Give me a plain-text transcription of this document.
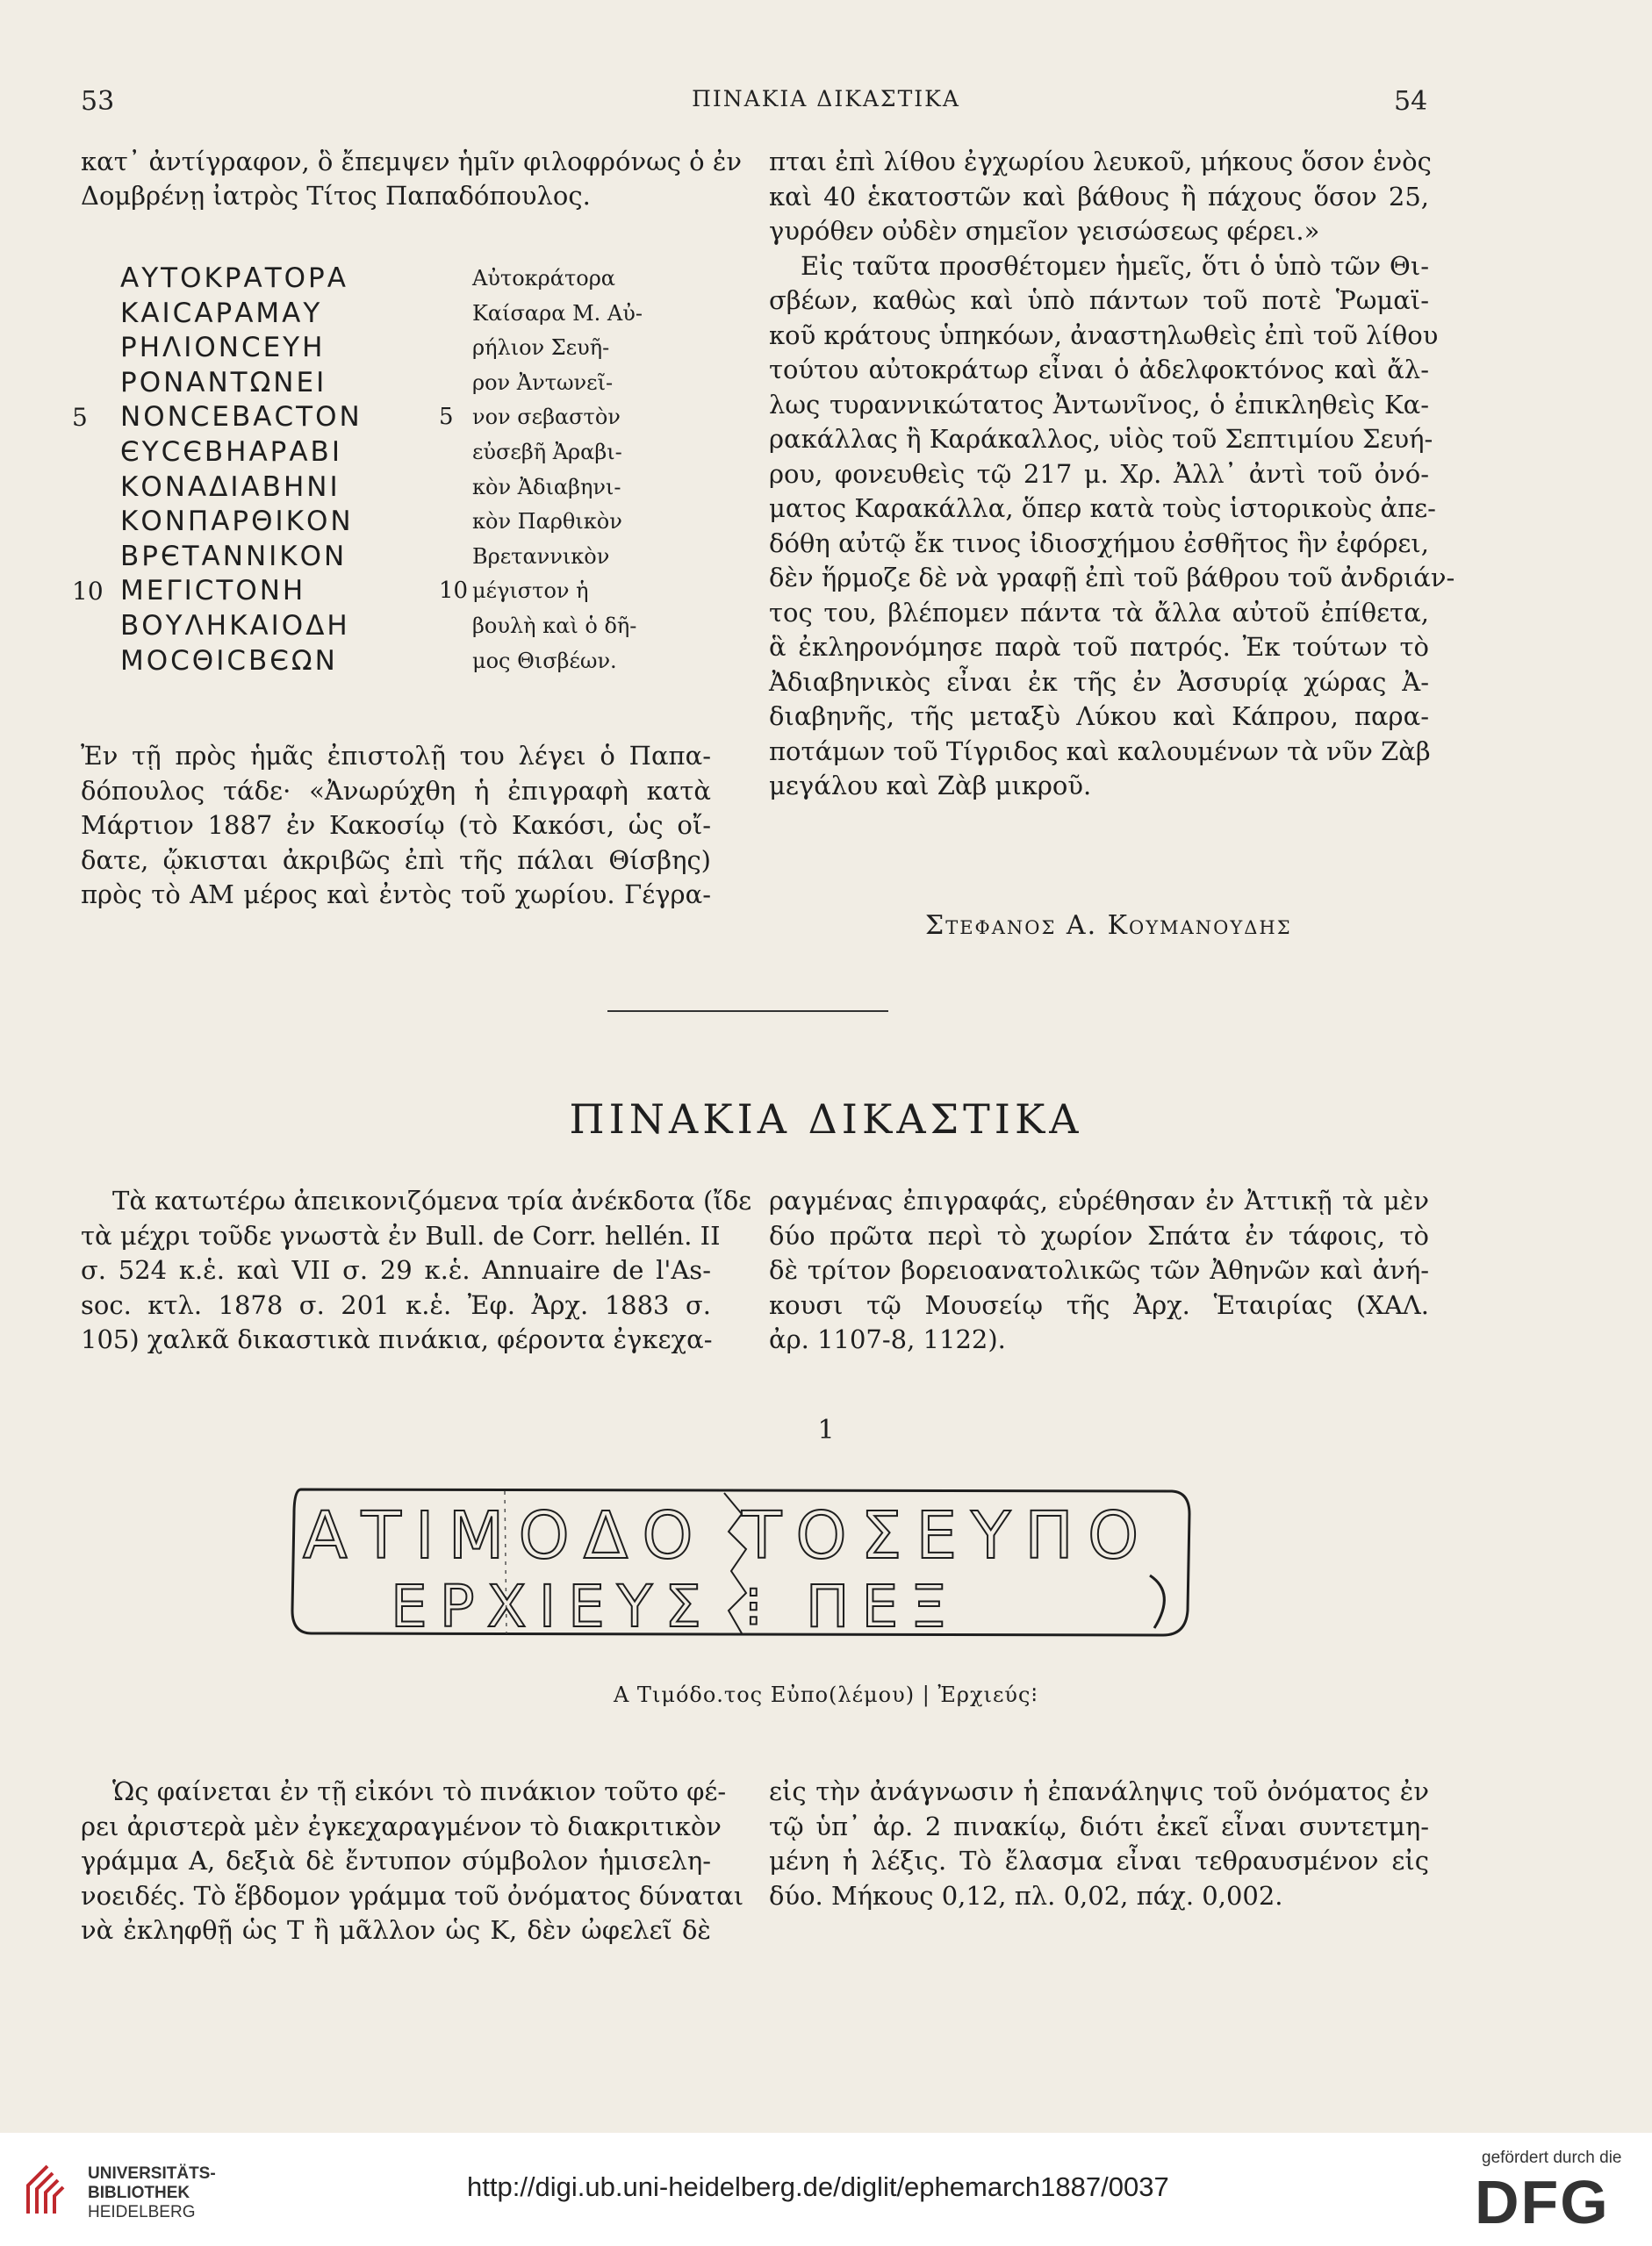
53	ΠΙΝΑΚΙΑ ΔΙΚΑΣΤΙΚΑ	54
κατ᾽ ἀντίγραφον, ὃ ἔπεμψεν ἡμῖν φιλοφρόνως ὁ ἐν
Δομβρένῃ ἰατρὸς Τίτος Παπαδόπουλος.
ΑΥΤΟΚΡΑΤΟΡΑ	Αὐτοκράτορα
ΚΑΙϹΑΡΑΜΑΥ	Καίσαρα Μ. Αὐ-
ΡΗΛΙΟΝϹΕΥΗ	ρήλιον Σευῆ-
ΡΟΝΑΝΤΩΝΕΙ	ρον Ἀντωνεῖ-
5 ΝΟΝϹΕΒΑϹΤΟΝ	5 νον σεβαστὸν
ЄΥϹЄΒΗΑΡΑΒΙ	εὐσεβῆ Ἀραβι-
ΚΟΝΑΔΙΑΒΗΝΙ	κὸν Ἀδιαβηνι-
ΚΟΝΠΑΡΘΙΚΟΝ	κὸν Παρθικὸν
ΒΡЄΤΑΝΝΙΚΟΝ	Βρεταννικὸν
10 ΜΕΓΙϹΤΟΝΗ	10 μέγιστον ἡ
ΒΟΥΛΗΚΑΙΟΔΗ	βουλὴ καὶ ὁ δῆ-
ΜΟϹΘΙϹΒЄΩΝ	μος Θισβέων.
Ἐν τῇ πρὸς ἡμᾶς ἐπιστολῇ του λέγει ὁ Παπα-
δόπουλος τάδε· «Ἀνωρύχθη ἡ ἐπιγραφὴ κατὰ
Μάρτιον 1887 ἐν Κακοσίῳ (τὸ Κακόσι, ὡς οἴ-
δατε, ᾤκισται ἀκριβῶς ἐπὶ τῆς πάλαι Θίσβης)
πρὸς τὸ ΑΜ μέρος καὶ ἐντὸς τοῦ χωρίου. Γέγρα-
πται ἐπὶ λίθου ἐγχωρίου λευκοῦ, μήκους ὅσον ἑνὸς
καὶ 40 ἑκατοστῶν καὶ βάθους ἢ πάχους ὅσον 25,
γυρόθεν οὐδὲν σημεῖον γεισώσεως φέρει.»
Εἰς ταῦτα προσθέτομεν ἡμεῖς, ὅτι ὁ ὑπὸ τῶν Θι-
σβέων, καθὼς καὶ ὑπὸ πάντων τοῦ ποτὲ Ῥωμαϊ-
κοῦ κράτους ὑπηκόων, ἀναστηλωθεὶς ἐπὶ τοῦ λίθου
τούτου αὐτοκράτωρ εἶναι ὁ ἀδελφοκτόνος καὶ ἄλ-
λως τυραννικώτατος Ἀντωνῖνος, ὁ ἐπικληθεὶς Κα-
ρακάλλας ἢ Καράκαλλος, υἱὸς τοῦ Σεπτιμίου Σευή-
ρου, φονευθεὶς τῷ 217 μ. Χρ. Ἀλλ᾽ ἀντὶ τοῦ ὀνό-
ματος Καρακάλλα, ὅπερ κατὰ τοὺς ἱστορικοὺς ἀπε-
δόθη αὐτῷ ἔκ τινος ἰδιοσχήμου ἐσθῆτος ἣν ἐφόρει,
δὲν ἥρμοζε δὲ νὰ γραφῇ ἐπὶ τοῦ βάθρου τοῦ ἀνδριάν-
τος του, βλέπομεν πάντα τὰ ἄλλα αὐτοῦ ἐπίθετα,
ἃ ἐκληρονόμησε παρὰ τοῦ πατρός. Ἐκ τούτων τὸ
Ἀδιαβηνικὸς εἶναι ἐκ τῆς ἐν Ἀσσυρίᾳ χώρας Ἀ-
διαβηνῆς, τῆς μεταξὺ Λύκου καὶ Κάπρου, παρα-
ποτάμων τοῦ Τίγριδος καὶ καλουμένων τὰ νῦν Ζὰβ
μεγάλου καὶ Ζὰβ μικροῦ.
Στεφανος Α. Κουμανουδης
ΠΙΝΑΚΙΑ ΔΙΚΑΣΤΙΚΑ
Τὰ κατωτέρω ἀπεικονιζόμενα τρία ἀνέκδοτα (ἴδε
τὰ μέχρι τοῦδε γνωστὰ ἐν Bull. de Corr. hellén. II
σ. 524 κ.ἑ. καὶ VII σ. 29 κ.ἑ. Annuaire de l'As-
soc. κτλ. 1878 σ. 201 κ.ἑ. Ἐφ. Ἀρχ. 1883 σ.
105) χαλκᾶ δικαστικὰ πινάκια, φέροντα ἐγκεχα-
ραγμένας ἐπιγραφάς, εὑρέθησαν ἐν Ἀττικῇ τὰ μὲν
δύο πρῶτα περὶ τὸ χωρίον Σπάτα ἐν τάφοις, τὸ
δὲ τρίτον βορειοανατολικῶς τῶν Ἀθηνῶν καὶ ἀνή-
κουσι τῷ Μουσείῳ τῆς Ἀρχ. Ἑταιρίας (ΧΑΛ.
ἀρ. 1107-8, 1122).
1
ΑΤΙΜΟΔΟ ΤΟΣΕΥΠΟ
ΕΡΧΙΕΥΣ ⁝ ΠΕΞ
Α Τιμόδο.τος Εὐπο(λέμου) | Ἐρχιεύς⁝
Ὡς φαίνεται ἐν τῇ εἰκόνι τὸ πινάκιον τοῦτο φέ-
ρει ἀριστερὰ μὲν ἐγκεχαραγμένον τὸ διακριτικὸν
γράμμα Α, δεξιὰ δὲ ἔντυπον σύμβολον ἡμισελη-
νοειδές. Τὸ ἕβδομον γράμμα τοῦ ὀνόματος δύναται
νὰ ἐκληφθῇ ὡς Τ ἢ μᾶλλον ὡς Κ, δὲν ὠφελεῖ δὲ
εἰς τὴν ἀνάγνωσιν ἡ ἐπανάληψις τοῦ ὀνόματος ἐν
τῷ ὑπ᾽ ἀρ. 2 πινακίῳ, διότι ἐκεῖ εἶναι συντετμη-
μένη ἡ λέξις. Τὸ ἔλασμα εἶναι τεθραυσμένον εἰς
δύο. Μήκους 0,12, πλ. 0,02, πάχ. 0,002.
UNIVERSITÄTS-
BIBLIOTHEK
HEIDELBERG
http://digi.ub.uni-heidelberg.de/diglit/ephemarch1887/0037
gefördert durch die
DFG
